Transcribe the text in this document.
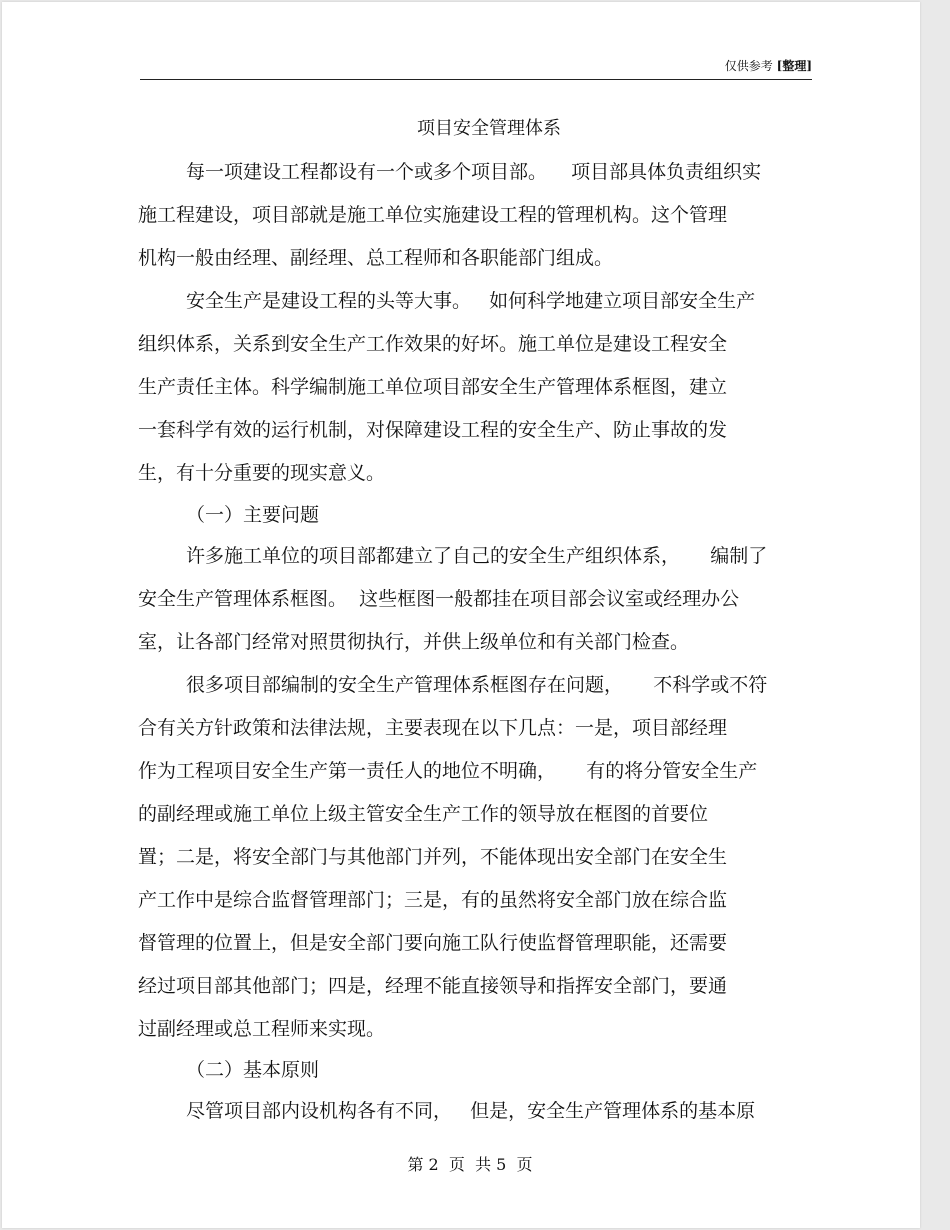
仅供参考 [整理]
项目安全管理体系
每一项建设工程都设有一个或多个项目部。    项目部具体负责组织实
施工程建设，项目部就是施工单位实施建设工程的管理机构。这个管理
机构一般由经理、副经理、总工程师和各职能部门组成。
安全生产是建设工程的头等大事。   如何科学地建立项目部安全生产
组织体系，关系到安全生产工作效果的好坏。施工单位是建设工程安全
生产责任主体。科学编制施工单位项目部安全生产管理体系框图，建立
一套科学有效的运行机制，对保障建设工程的安全生产、防止事故的发
生，有十分重要的现实意义。
（一）主要问题
许多施工单位的项目部都建立了自己的安全生产组织体系，     编制了
安全生产管理体系框图。  这些框图一般都挂在项目部会议室或经理办公
室，让各部门经常对照贯彻执行，并供上级单位和有关部门检查。
很多项目部编制的安全生产管理体系框图存在问题，     不科学或不符
合有关方针政策和法律法规，主要表现在以下几点：一是，项目部经理
作为工程项目安全生产第一责任人的地位不明确，     有的将分管安全生产
的副经理或施工单位上级主管安全生产工作的领导放在框图的首要位
置；二是，将安全部门与其他部门并列，不能体现出安全部门在安全生
产工作中是综合监督管理部门；三是，有的虽然将安全部门放在综合监
督管理的位置上，但是安全部门要向施工队行使监督管理职能，还需要
经过项目部其他部门；四是，经理不能直接领导和指挥安全部门，要通
过副经理或总工程师来实现。
（二）基本原则
尽管项目部内设机构各有不同，   但是，安全生产管理体系的基本原
第 2  页  共 5  页
